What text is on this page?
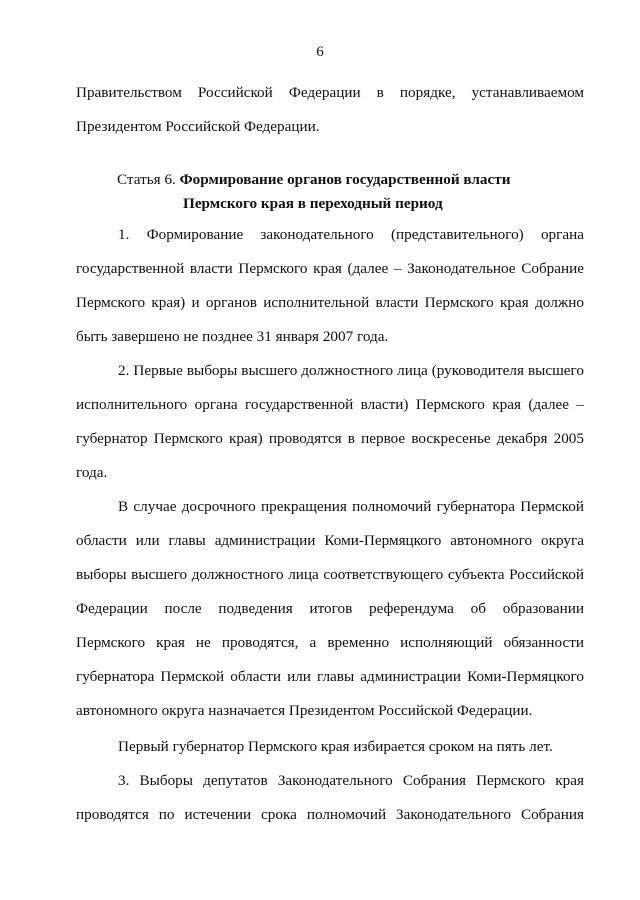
6
Правительством Российской Федерации в порядке, устанавливаемом
Президентом Российской Федерации.
Статья 6. Формирование органов государственной власти
Пермского края в переходный период
1. Формирование законодательного (представительного) органа
государственной власти Пермского края (далее – Законодательное Собрание
Пермского края) и органов исполнительной власти Пермского края должно
быть завершено не позднее 31 января 2007 года.
2. Первые выборы высшего должностного лица (руководителя высшего
исполнительного органа государственной власти) Пермского края (далее –
губернатор Пермского края) проводятся в первое воскресенье декабря 2005
года.
В случае досрочного прекращения полномочий губернатора Пермской
области или главы администрации Коми-Пермяцкого автономного округа
выборы высшего должностного лица соответствующего субъекта Российской
Федерации после подведения итогов референдума об образовании
Пермского края не проводятся, а временно исполняющий обязанности
губернатора Пермской области или главы администрации Коми-Пермяцкого
автономного округа назначается Президентом Российской Федерации.
Первый губернатор Пермского края избирается сроком на пять лет.
3. Выборы депутатов Законодательного Собрания Пермского края
проводятся по истечении срока полномочий Законодательного Собрания
